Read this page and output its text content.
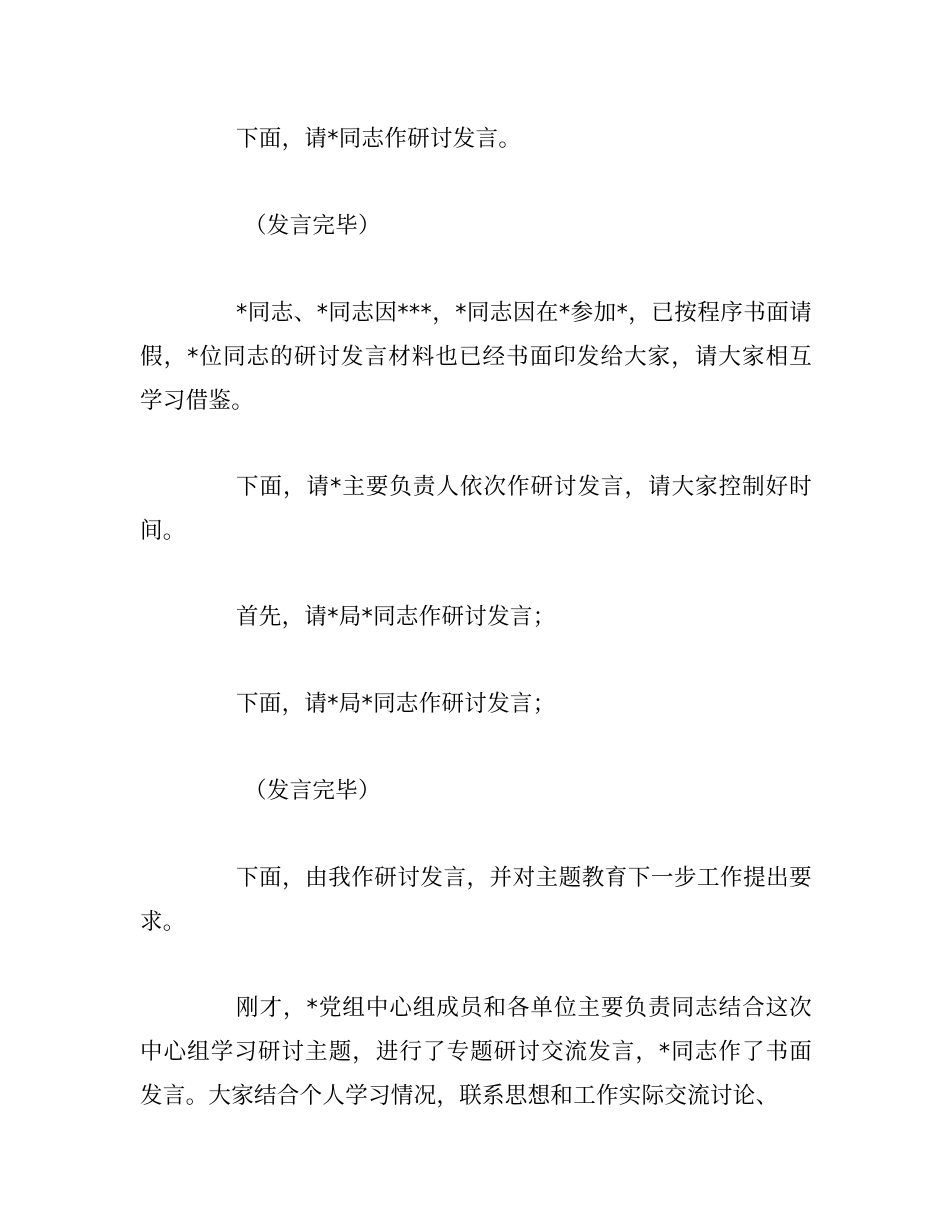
下面，请*同志作研讨发言。

（发言完毕）

*同志、*同志因***，*同志因在*参加*，已按程序书面请假，*位同志的研讨发言材料也已经书面印发给大家，请大家相互学习借鉴。

下面，请*主要负责人依次作研讨发言，请大家控制好时间。

首先，请*局*同志作研讨发言；

下面，请*局*同志作研讨发言；

（发言完毕）

下面，由我作研讨发言，并对主题教育下一步工作提出要求。

刚才，*党组中心组成员和各单位主要负责同志结合这次中心组学习研讨主题，进行了专题研讨交流发言，*同志作了书面发言。大家结合个人学习情况，联系思想和工作实际交流讨论、
